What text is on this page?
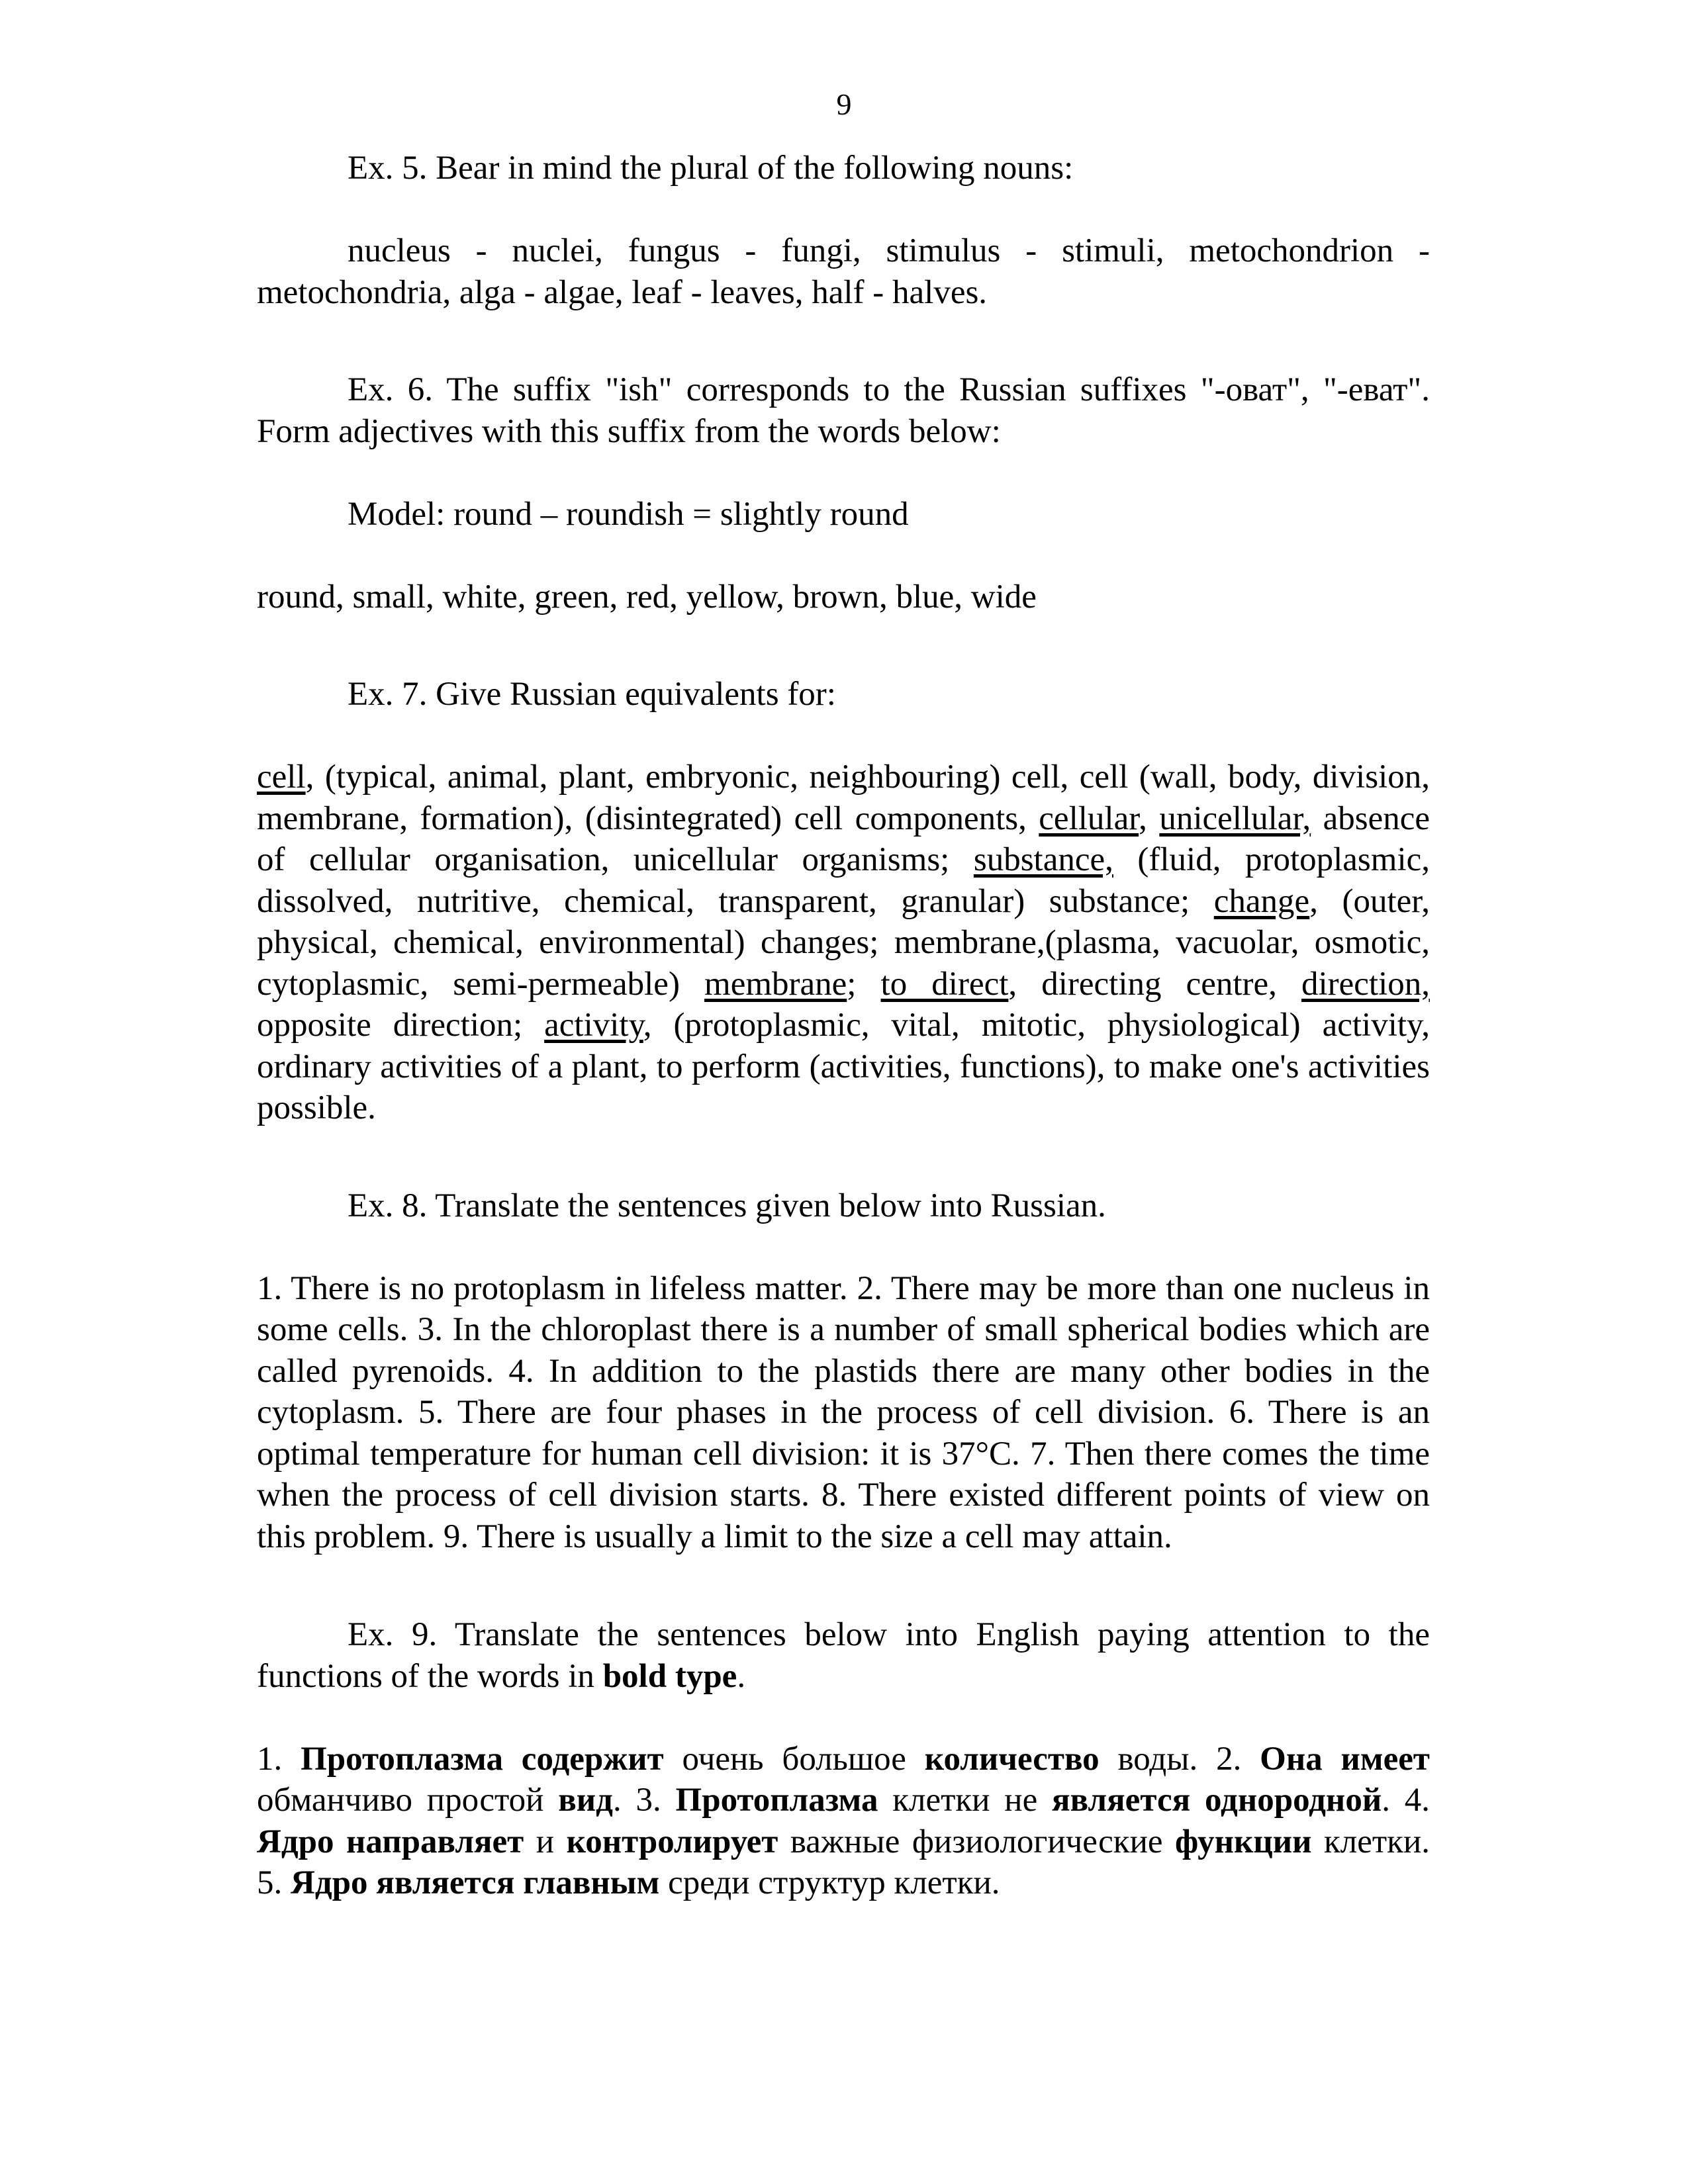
9

Ex. 5. Bear in mind the plural of the following nouns:

nucleus - nuclei, fungus - fungi, stimulus - stimuli, metochondrion - metochondria, alga - algae, leaf - leaves, half - halves.

Ex. 6. The suffix "ish" corresponds to the Russian suffixes "-оват", "-еват". Form adjectives with this suffix from the words below:

Model: round – roundish = slightly round

round, small, white, green, red, yellow, brown, blue, wide

Ex. 7. Give Russian equivalents for:

cell, (typical, animal, plant, embryonic, neighbouring) cell, cell (wall, body, division, membrane, formation), (disintegrated) cell components, cellular, unicellular, absence of cellular organisation, unicellular organisms; substance, (fluid, protoplasmic, dissolved, nutritive, chemical, transparent, granular) substance; change, (outer, physical, chemical, environmental) changes; membrane,(plasma, vacuolar, osmotic, cytoplasmic, semi-permeable) membrane; to direct, directing centre, direction, opposite direction; activity, (protoplasmic, vital, mitotic, physiological) activity, ordinary activities of a plant, to perform (activities, functions), to make one's activities possible.

Ex. 8. Translate the sentences given below into Russian.

1. There is no protoplasm in lifeless matter. 2. There may be more than one nucleus in some cells. 3. In the chloroplast there is a number of small spherical bodies which are called pyrenoids. 4. In addition to the plastids there are many other bodies in the cytoplasm. 5. There are four phases in the process of cell division. 6. There is an optimal temperature for human cell division: it is 37°C. 7. Then there comes the time when the process of cell division starts. 8. There existed different points of view on this problem. 9. There is usually a limit to the size a cell may attain.

Ex. 9. Translate the sentences below into English paying attention to the functions of the words in bold type.

1. Протоплазма содержит очень большое количество воды. 2. Она имеет обманчиво простой вид. 3. Протоплазма клетки не является однородной. 4. Ядро направляет и контролирует важные физиологические функции клетки. 5. Ядро является главным среди структур клетки.
